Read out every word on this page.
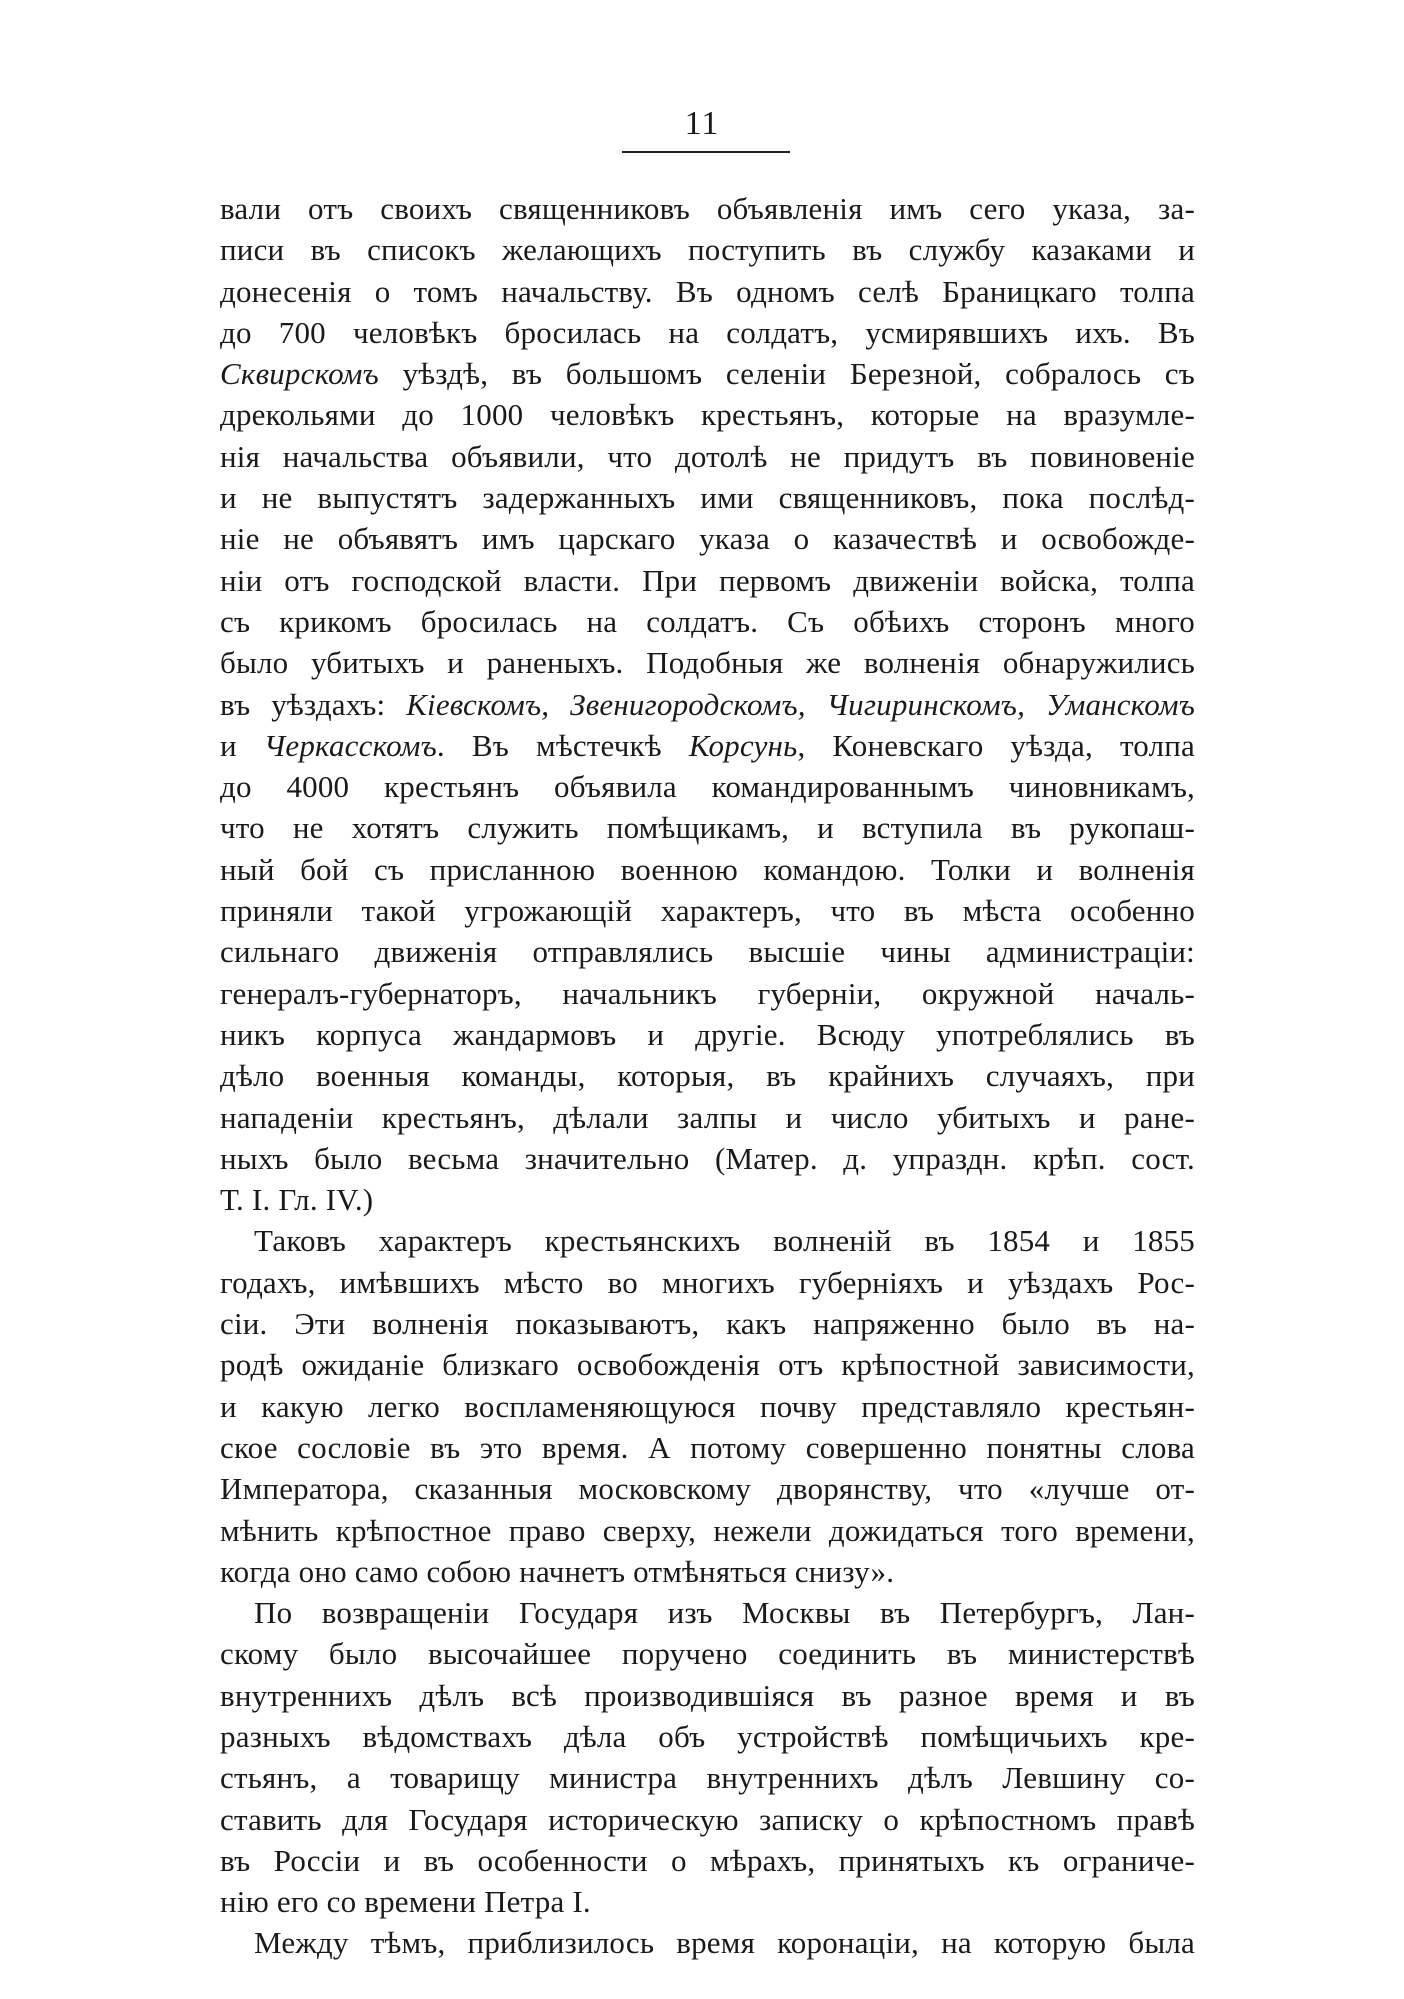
11
вали отъ своихъ священниковъ объявленія имъ сего указа, за-
писи въ списокъ желающихъ поступить въ службу казаками и
донесенія о томъ начальству. Въ одномъ селѣ Браницкаго толпа
до 700 человѣкъ бросилась на солдатъ, усмирявшихъ ихъ. Въ
Сквирскомъ уѣздѣ, въ большомъ селеніи Березной, собралось съ
дрекольями до 1000 человѣкъ крестьянъ, которые на вразумле-
нія начальства объявили, что дотолѣ не придутъ въ повиновеніе
и не выпустятъ задержанныхъ ими священниковъ, пока послѣд-
ніе не объявятъ имъ царскаго указа о казачествѣ и освобожде-
ніи отъ господской власти. При первомъ движеніи войска, толпа
съ крикомъ бросилась на солдатъ. Съ обѣихъ сторонъ много
было убитыхъ и раненыхъ. Подобныя же волненія обнаружились
въ уѣздахъ: Кіевскомъ, Звенигородскомъ, Чигиринскомъ, Уманскомъ
и Черкасскомъ. Въ мѣстечкѣ Корсунь, Коневскаго уѣзда, толпа
до 4000 крестьянъ объявила командированнымъ чиновникамъ,
что не хотятъ служить помѣщикамъ, и вступила въ рукопаш-
ный бой съ присланною военною командою. Толки и волненія
приняли такой угрожающій характеръ, что въ мѣста особенно
сильнаго движенія отправлялись высшіе чины администраціи:
генералъ-губернаторъ, начальникъ губерніи, окружной началь-
никъ корпуса жандармовъ и другіе. Всюду употреблялись въ
дѣло военныя команды, которыя, въ крайнихъ случаяхъ, при
нападеніи крестьянъ, дѣлали залпы и число убитыхъ и ране-
ныхъ было весьма значительно (Матер. д. упраздн. крѣп. сост.
Т. І. Гл. IV.)
Таковъ характеръ крестьянскихъ волненій въ 1854 и 1855
годахъ, имѣвшихъ мѣсто во многихъ губерніяхъ и уѣздахъ Рос-
сіи. Эти волненія показываютъ, какъ напряженно было въ на-
родѣ ожиданіе близкаго освобожденія отъ крѣпостной зависимости,
и какую легко воспламеняющуюся почву представляло крестьян-
ское сословіе въ это время. А потому совершенно понятны слова
Императора, сказанныя московскому дворянству, что «лучше от-
мѣнить крѣпостное право сверху, нежели дожидаться того времени,
когда оно само собою начнетъ отмѣняться снизу».
По возвращеніи Государя изъ Москвы въ Петербургъ, Лан-
скому было высочайшее поручено соединить въ министерствѣ
внутреннихъ дѣлъ всѣ производившіяся въ разное время и въ
разныхъ вѣдомствахъ дѣла объ устройствѣ помѣщичьихъ кре-
стьянъ, а товарищу министра внутреннихъ дѣлъ Левшину со-
ставить для Государя историческую записку о крѣпостномъ правѣ
въ Россіи и въ особенности о мѣрахъ, принятыхъ къ ограниче-
нію его со времени Петра І.
Между тѣмъ, приблизилось время коронаціи, на которую была
